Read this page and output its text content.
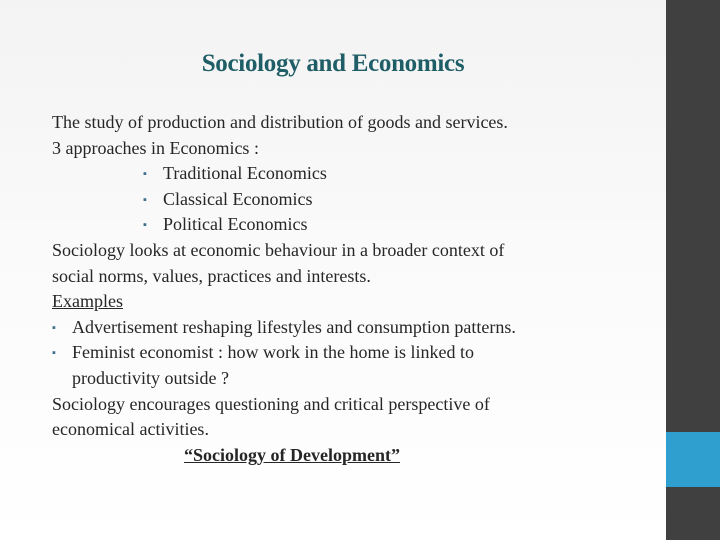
Sociology and Economics
The study of production and distribution of goods and services.
3 approaches in Economics :
▪ Traditional Economics
▪ Classical Economics
▪ Political Economics
Sociology looks at economic behaviour in a broader context of
social norms, values, practices and interests.
Examples
▪ Advertisement reshaping lifestyles and consumption patterns.
▪ Feminist economist : how work in the home is linked to
productivity outside ?
Sociology encourages questioning and critical perspective of
economical activities.
“Sociology of Development”
